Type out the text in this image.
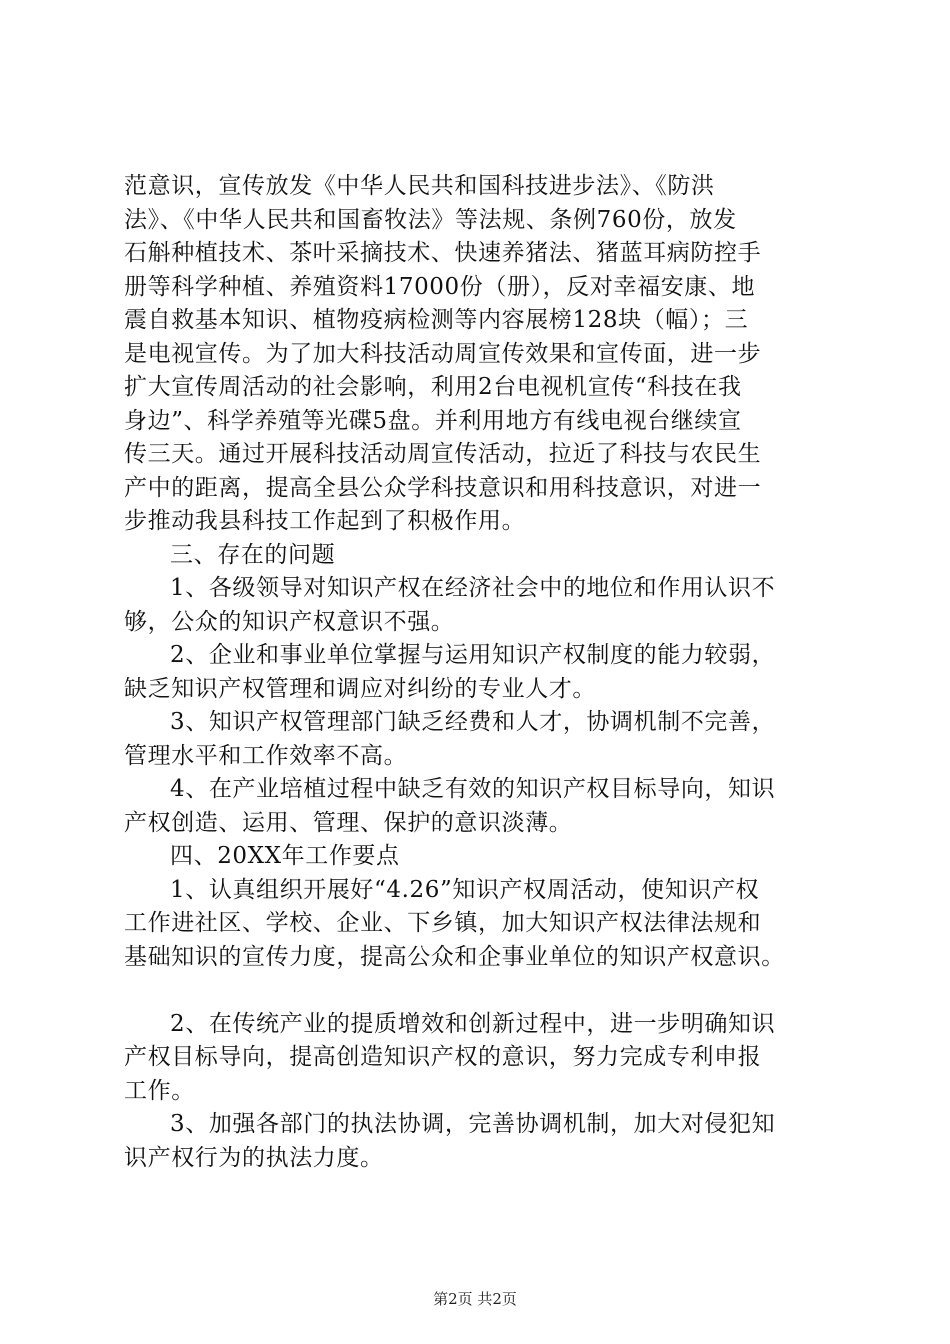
范意识，宣传放发《中华人民共和国科技进步法》、《防洪

法》、《中华人民共和国畜牧法》等法规、条例760份，放发

石斛种植技术、茶叶采摘技术、快速养猪法、猪蓝耳病防控手

册等科学种植、养殖资料17000份（册），反对幸福安康、地

震自救基本知识、植物疫病检测等内容展榜128块（幅）；三

是电视宣传。为了加大科技活动周宣传效果和宣传面，进一步

扩大宣传周活动的社会影响，利用2台电视机宣传“科技在我

身边”、科学养殖等光碟5盘。并利用地方有线电视台继续宣

传三天。通过开展科技活动周宣传活动，拉近了科技与农民生

产中的距离，提高全县公众学科技意识和用科技意识，对进一

步推动我县科技工作起到了积极作用。

三、存在的问题

1、各级领导对知识产权在经济社会中的地位和作用认识不

够，公众的知识产权意识不强。

2、企业和事业单位掌握与运用知识产权制度的能力较弱，

缺乏知识产权管理和调应对纠纷的专业人才。

3、知识产权管理部门缺乏经费和人才，协调机制不完善，

管理水平和工作效率不高。

4、在产业培植过程中缺乏有效的知识产权目标导向，知识

产权创造、运用、管理、保护的意识淡薄。

四、20XX年工作要点

1、认真组织开展好“4.26”知识产权周活动，使知识产权

工作进社区、学校、企业、下乡镇，加大知识产权法律法规和

基础知识的宣传力度，提高公众和企事业单位的知识产权意识。

2、在传统产业的提质增效和创新过程中，进一步明确知识

产权目标导向，提高创造知识产权的意识，努力完成专利申报

工作。

3、加强各部门的执法协调，完善协调机制，加大对侵犯知

识产权行为的执法力度。

第2页 共2页
